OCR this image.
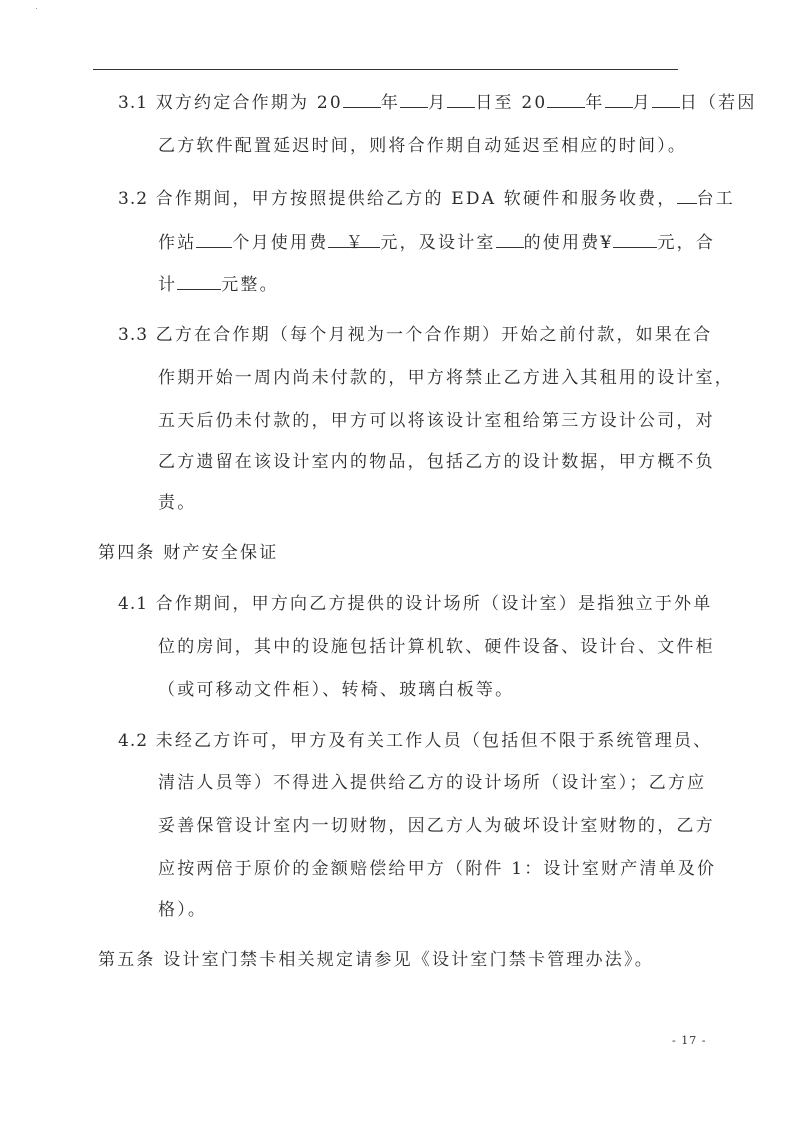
3.1 双方约定合作期为 20 年 月 日至 20 年 月 日（若因
乙方软件配置延迟时间，则将合作期自动延迟至相应的时间）。
3.2 合作期间，甲方按照提供给乙方的 EDA 软硬件和服务收费， 台工
作站 个月使用费 ￥ 元，及设计室 的使用费¥	元，合
计	元整。
3.3 乙方在合作期（每个月视为一个合作期）开始之前付款，如果在合
作期开始一周内尚未付款的，甲方将禁止乙方进入其租用的设计室，
五天后仍未付款的，甲方可以将该设计室租给第三方设计公司，对
乙方遗留在该设计室内的物品，包括乙方的设计数据，甲方概不负
责。
第四条 财产安全保证
4.1 合作期间，甲方向乙方提供的设计场所（设计室）是指独立于外单
位的房间，其中的设施包括计算机软、硬件设备、设计台、文件柜
（或可移动文件柜）、转椅、玻璃白板等。
4.2 未经乙方许可，甲方及有关工作人员（包括但不限于系统管理员、
清洁人员等）不得进入提供给乙方的设计场所（设计室）；乙方应
妥善保管设计室内一切财物，因乙方人为破坏设计室财物的，乙方
应按两倍于原价的金额赔偿给甲方（附件 1：设计室财产清单及价
格）。
第五条 设计室门禁卡相关规定请参见《设计室门禁卡管理办法》。
- 17 -
